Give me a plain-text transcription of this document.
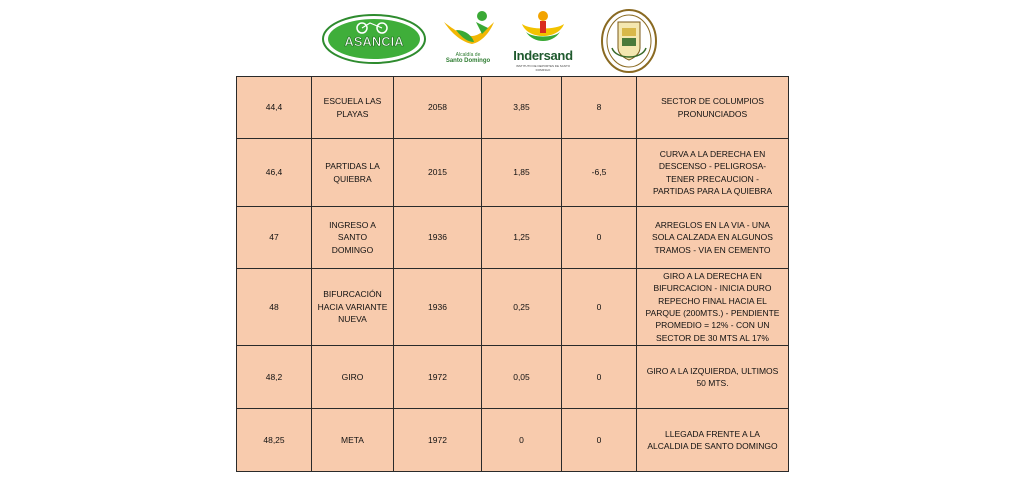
ASANCIA
Alcaldía de
Santo Domingo	Indersand
INSTITUTO DE DEPORTES DE SANTO DOMINGO
44,4	ESCUELA LAS PLAYAS	2058	3,85	8	SECTOR DE COLUMPIOS PRONUNCIADOS
46,4	PARTIDAS LA QUIEBRA	2015	1,85	-6,5	CURVA A LA DERECHA EN DESCENSO - PELIGROSA-TENER PRECAUCION - PARTIDAS PARA LA QUIEBRA
47	INGRESO A SANTO DOMINGO	1936	1,25	0	ARREGLOS EN LA VIA - UNA SOLA CALZADA EN ALGUNOS TRAMOS - VIA EN CEMENTO
48	BIFURCACIÓN HACIA VARIANTE NUEVA	1936	0,25	0	GIRO A LA DERECHA EN BIFURCACION - INICIA DURO REPECHO FINAL HACIA EL PARQUE (200MTS.) - PENDIENTE PROMEDIO = 12% - CON UN SECTOR DE 30 MTS AL 17%
48,2	GIRO	1972	0,05	0	GIRO A LA IZQUIERDA, ULTIMOS 50 MTS.
48,25	META	1972	0	0	LLEGADA FRENTE A LA ALCALDIA DE SANTO DOMINGO
